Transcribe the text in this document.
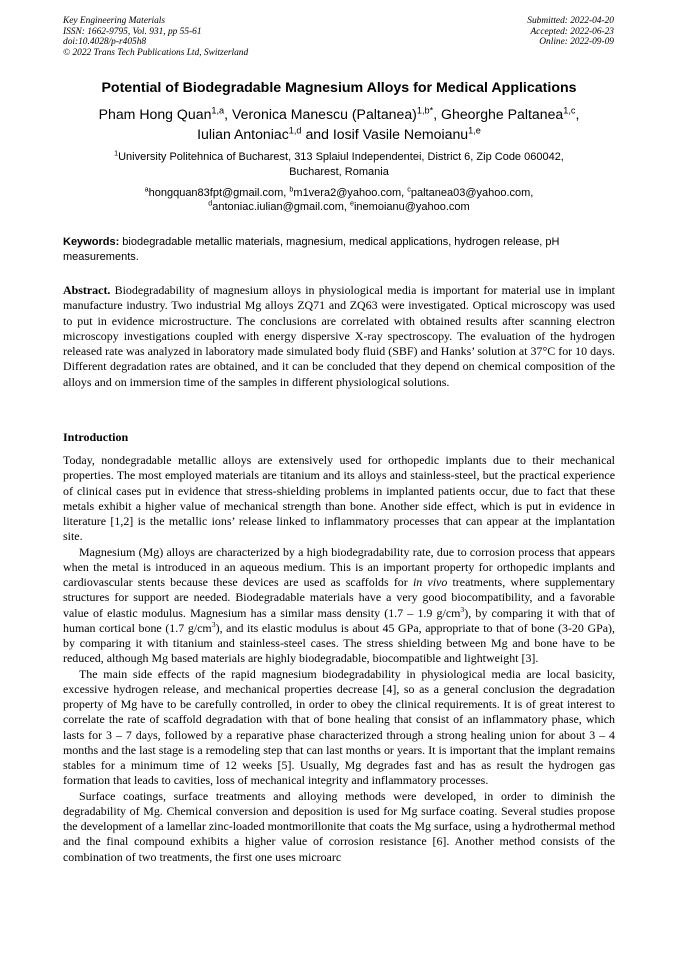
Key Engineering Materials
ISSN: 1662-9795, Vol. 931, pp 55-61
doi:10.4028/p-r405h8
© 2022 Trans Tech Publications Ltd, Switzerland
Submitted: 2022-04-20
Accepted: 2022-06-23
Online: 2022-09-09
Potential of Biodegradable Magnesium Alloys for Medical Applications
Pham Hong Quan$^{1,a}$, Veronica Manescu (Paltanea)$^{1,b*}$, Gheorghe Paltanea$^{1,c}$,
Iulian Antoniac$^{1,d}$ and Iosif Vasile Nemoianu$^{1,e}$
$^1$University Politehnica of Bucharest, 313 Splaiul Independentei, District 6, Zip Code 060042,
Bucharest, Romania
$^a$hongquan83fpt@gmail.com, $^b$m1vera2@yahoo.com, $^c$paltanea03@yahoo.com,
$^d$antoniac.iulian@gmail.com, $^e$inemoianu@yahoo.com
Keywords: biodegradable metallic materials, magnesium, medical applications, hydrogen release, pH measurements.
Abstract. Biodegradability of magnesium alloys in physiological media is important for material use in implant manufacture industry. Two industrial Mg alloys ZQ71 and ZQ63 were investigated. Optical microscopy was used to put in evidence microstructure. The conclusions are correlated with obtained results after scanning electron microscopy investigations coupled with energy dispersive X-ray spectroscopy. The evaluation of the hydrogen released rate was analyzed in laboratory made simulated body fluid (SBF) and Hanks’ solution at 37°C for 10 days. Different degradation rates are obtained, and it can be concluded that they depend on chemical composition of the alloys and on immersion time of the samples in different physiological solutions.
Introduction

Today, nondegradable metallic alloys are extensively used for orthopedic implants due to their mechanical properties. The most employed materials are titanium and its alloys and stainless-steel, but the practical experience of clinical cases put in evidence that stress-shielding problems in implanted patients occur, due to fact that these metals exhibit a higher value of mechanical strength than bone. Another side effect, which is put in evidence in literature [1,2] is the metallic ions’ release linked to inflammatory processes that can appear at the implantation site.

Magnesium (Mg) alloys are characterized by a high biodegradability rate, due to corrosion process that appears when the metal is introduced in an aqueous medium. This is an important property for orthopedic implants and cardiovascular stents because these devices are used as scaffolds for in vivo treatments, where supplementary structures for support are needed. Biodegradable materials have a very good biocompatibility, and a favorable value of elastic modulus. Magnesium has a similar mass density (1.7 – 1.9 $g/cm^3$), by comparing it with that of human cortical bone (1.7 $g/cm^3$), and its elastic modulus is about 45 GPa, appropriate to that of bone (3-20 GPa), by comparing it with titanium and stainless-steel cases. The stress shielding between Mg and bone have to be reduced, although Mg based materials are highly biodegradable, biocompatible and lightweight [3].

The main side effects of the rapid magnesium biodegradability in physiological media are local basicity, excessive hydrogen release, and mechanical properties decrease [4], so as a general conclusion the degradation property of Mg have to be carefully controlled, in order to obey the clinical requirements. It is of great interest to correlate the rate of scaffold degradation with that of bone healing that consist of an inflammatory phase, which lasts for 3 – 7 days, followed by a reparative phase characterized through a strong healing union for about 3 – 4 months and the last stage is a remodeling step that can last months or years. It is important that the implant remains stables for a minimum time of 12 weeks [5]. Usually, Mg degrades fast and has as result the hydrogen gas formation that leads to cavities, loss of mechanical integrity and inflammatory processes.

Surface coatings, surface treatments and alloying methods were developed, in order to diminish the degradability of Mg. Chemical conversion and deposition is used for Mg surface coating. Several studies propose the development of a lamellar zinc-loaded montmorillonite that coats the Mg surface, using a hydrothermal method and the final compound exhibits a higher value of corrosion resistance [6]. Another method consists of the combination of two treatments, the first one uses microarc
